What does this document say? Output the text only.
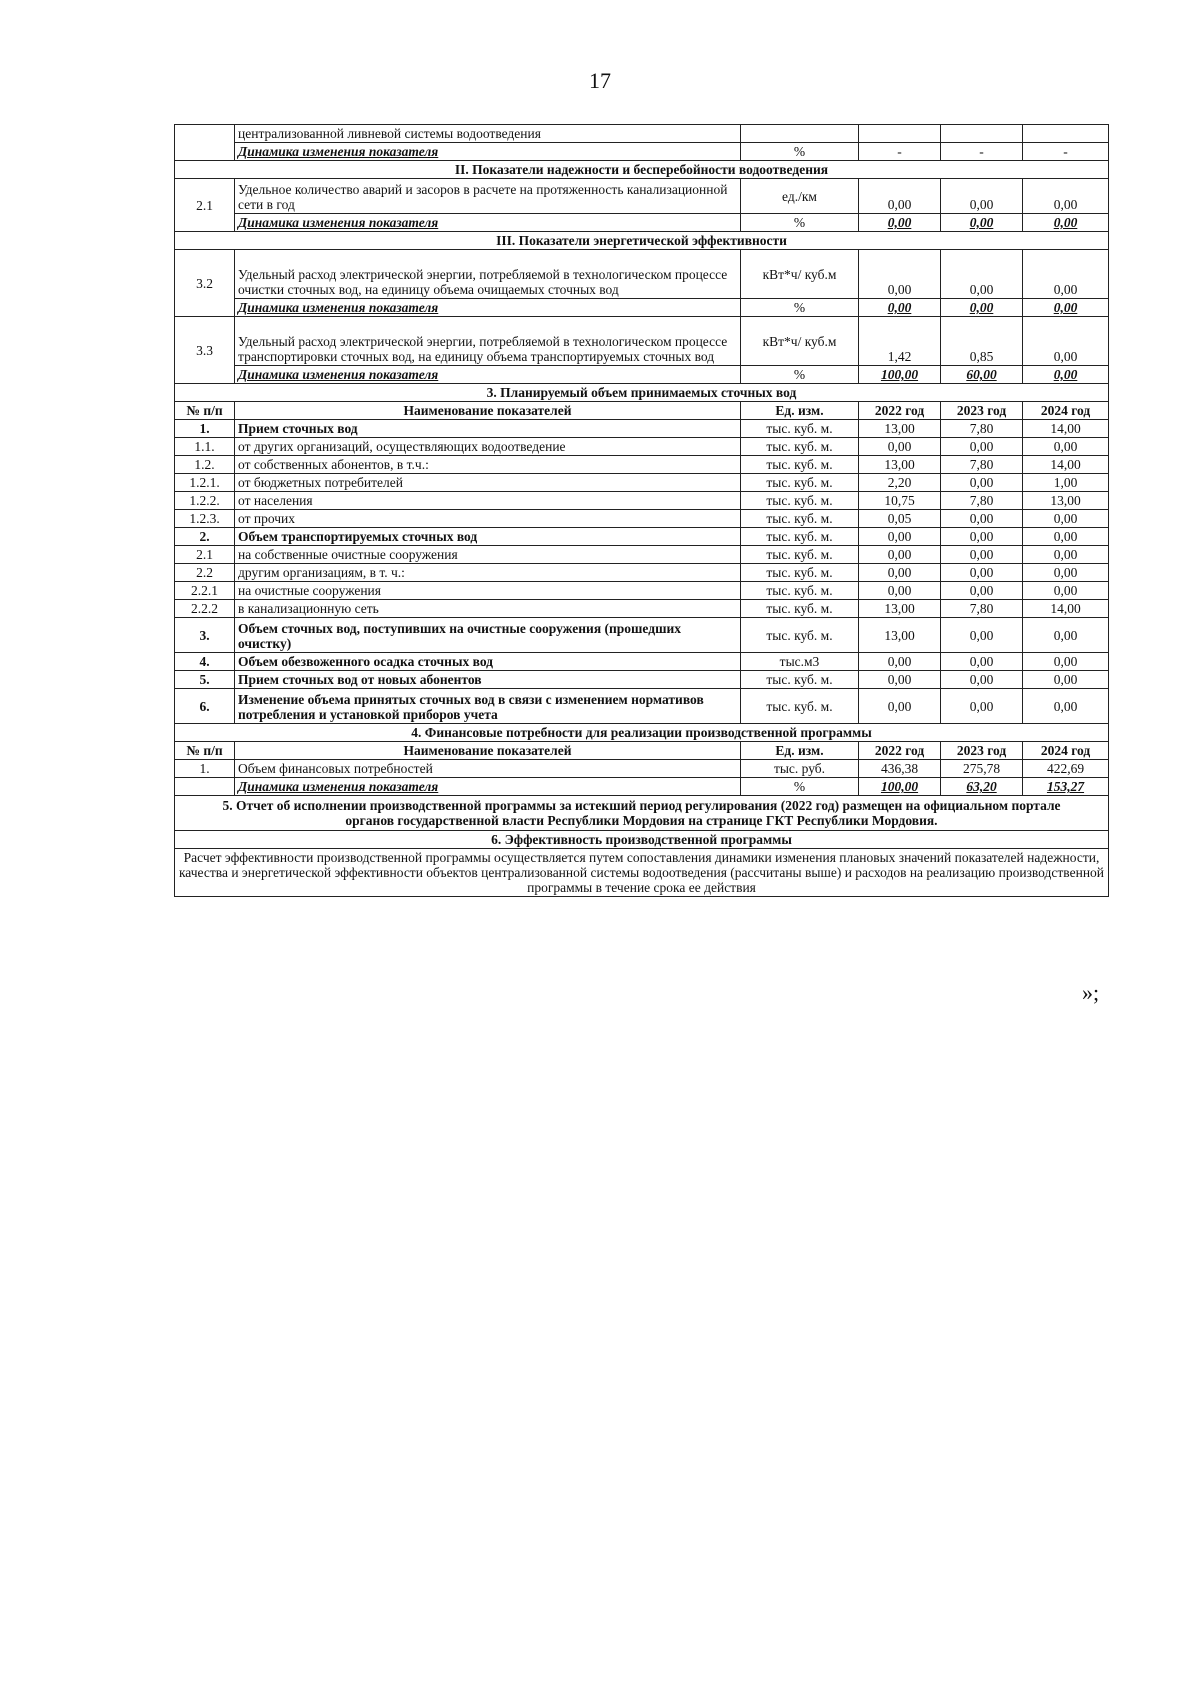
17
	централизованной ливневой системы водоотведения				
	Динамика изменения показателя	%	-	-	-
II. Показатели надежности и бесперебойности водоотведения					
2.1	Удельное количество аварий и засоров в расчете на протяженность канализационной сети в год	ед./км	0,00	0,00	0,00
	Динамика изменения показателя	%	0,00	0,00	0,00
III. Показатели энергетической эффективности					
3.2	Удельный расход электрической энергии, потребляемой в технологическом процессе очистки сточных вод, на единицу объема очищаемых сточных вод	кВт*ч/ куб.м	0,00	0,00	0,00
	Динамика изменения показателя	%	0,00	0,00	0,00
3.3	Удельный расход электрической энергии, потребляемой в технологическом процессе транспортировки сточных вод, на единицу объема транспортируемых сточных вод	кВт*ч/ куб.м	1,42	0,85	0,00
	Динамика изменения показателя	%	100,00	60,00	0,00
3. Планируемый объем принимаемых сточных вод					
№ п/п	Наименование показателей	Ед. изм.	2022 год	2023 год	2024 год
1.	Прием сточных вод	тыс. куб. м.	13,00	7,80	14,00
1.1.	от других организаций, осуществляющих водоотведение	тыс. куб. м.	0,00	0,00	0,00
1.2.	от собственных абонентов, в т.ч.:	тыс. куб. м.	13,00	7,80	14,00
1.2.1.	от бюджетных потребителей	тыс. куб. м.	2,20	0,00	1,00
1.2.2.	от населения	тыс. куб. м.	10,75	7,80	13,00
1.2.3.	от прочих	тыс. куб. м.	0,05	0,00	0,00
2.	Объем транспортируемых сточных вод	тыс. куб. м.	0,00	0,00	0,00
2.1	на собственные очистные сооружения	тыс. куб. м.	0,00	0,00	0,00
2.2	другим организациям, в т. ч.:	тыс. куб. м.	0,00	0,00	0,00
2.2.1	на очистные сооружения	тыс. куб. м.	0,00	0,00	0,00
2.2.2	в канализационную сеть	тыс. куб. м.	13,00	7,80	14,00
3.	Объем сточных вод, поступивших на очистные сооружения (прошедших очистку)	тыс. куб. м.	13,00	0,00	0,00
4.	Объем обезвоженного осадка сточных вод	тыс.м3	0,00	0,00	0,00
5.	Прием сточных вод от новых абонентов	тыс. куб. м.	0,00	0,00	0,00
6.	Изменение объема принятых сточных вод в связи с изменением нормативов потребления и установкой приборов учета	тыс. куб. м.	0,00	0,00	0,00
4. Финансовые потребности для реализации производственной программы					
№ п/п	Наименование показателей	Ед. изм.	2022 год	2023 год	2024 год
1.	Объем финансовых потребностей	тыс. руб.	436,38	275,78	422,69
	Динамика изменения показателя	%	100,00	63,20	153,27
5. Отчет об исполнении производственной программы за истекший период регулирования (2022 год) размещен на официальном портале органов государственной власти Республики Мордовия на странице ГКТ Республики Мордовия.					
6. Эффективность производственной программы					
Расчет эффективности производственной программы осуществляется путем сопоставления динамики изменения плановых значений показателей надежности, качества и энергетической эффективности объектов централизованной системы водоотведения (рассчитаны выше) и расходов на реализацию производственной программы в течение срока ее действия					
»;
